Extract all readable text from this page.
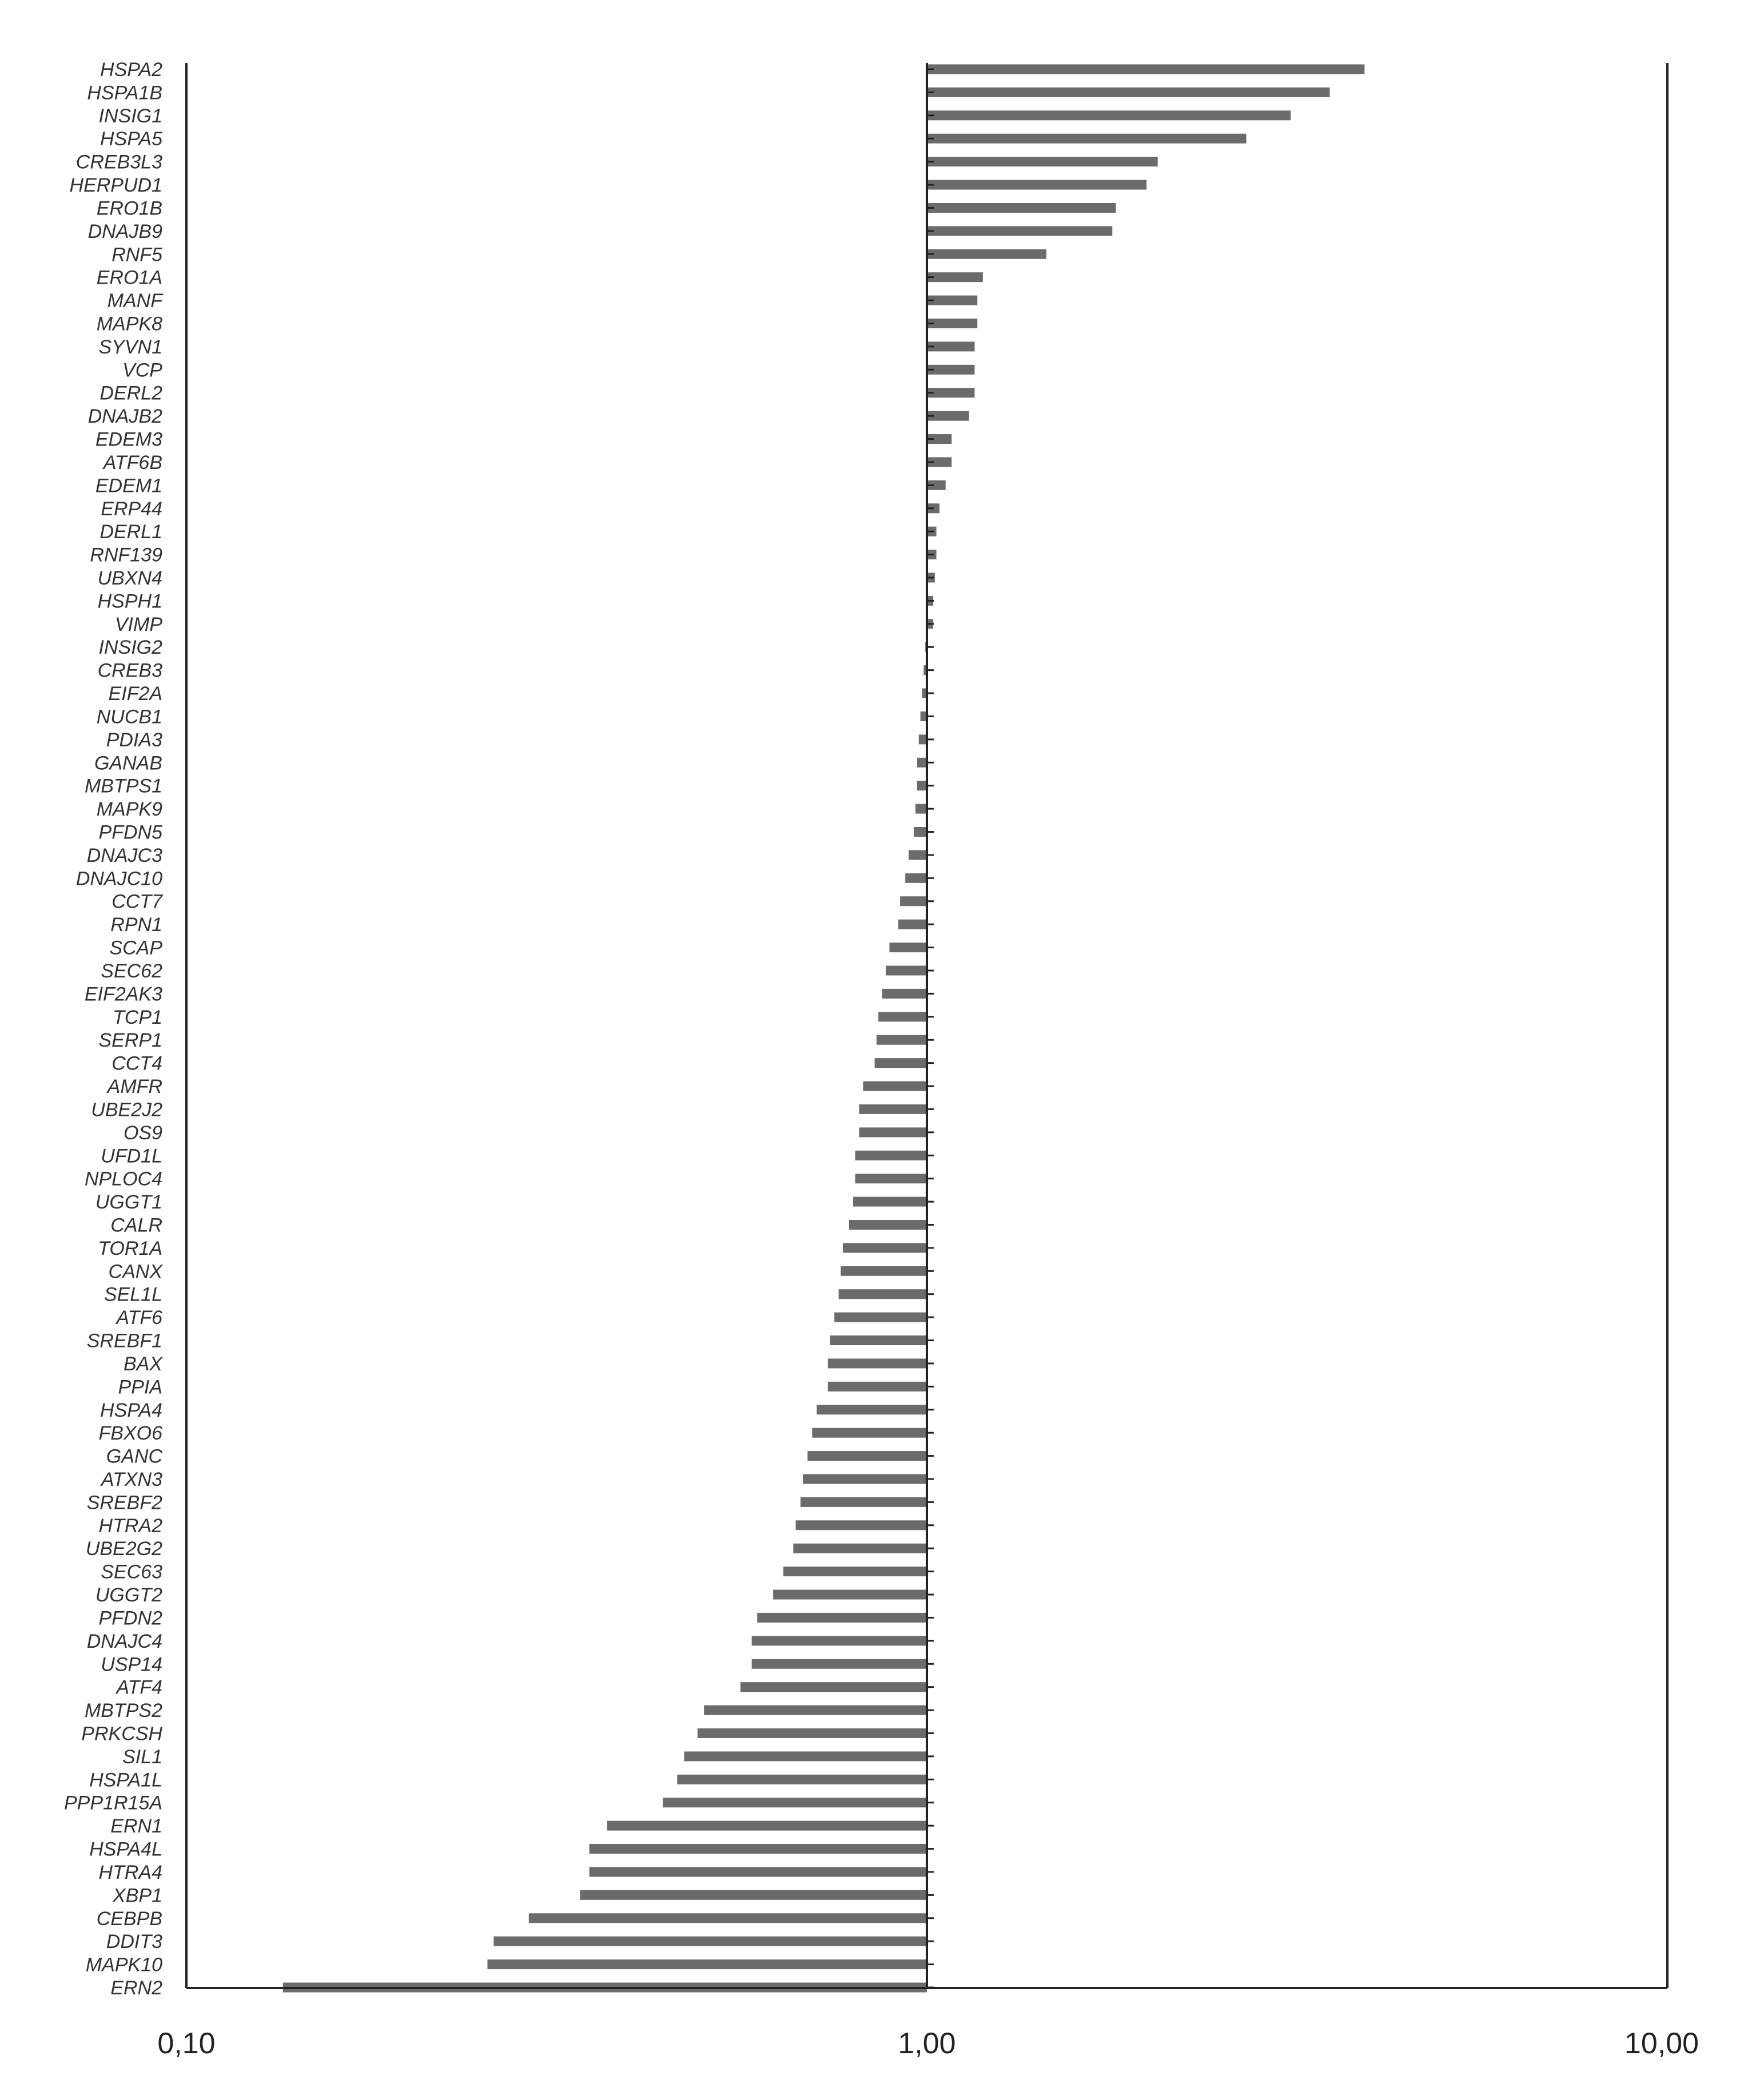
HSPA2
HSPA1B
INSIG1
HSPA5
CREB3L3
HERPUD1
ERO1B
DNAJB9
RNF5
ERO1A
MANF
MAPK8
SYVN1
VCP
DERL2
DNAJB2
EDEM3
ATF6B
EDEM1
ERP44
DERL1
RNF139
UBXN4
HSPH1
VIMP
INSIG2
CREB3
EIF2A
NUCB1
PDIA3
GANAB
MBTPS1
MAPK9
PFDN5
DNAJC3
DNAJC10
CCT7
RPN1
SCAP
SEC62
EIF2AK3
TCP1
SERP1
CCT4
AMFR
UBE2J2
OS9
UFD1L
NPLOC4
UGGT1
CALR
TOR1A
CANX
SEL1L
ATF6
SREBF1
BAX
PPIA
HSPA4
FBXO6
GANC
ATXN3
SREBF2
HTRA2
UBE2G2
SEC63
UGGT2
PFDN2
DNAJC4
USP14
ATF4
MBTPS2
PRKCSH
SIL1
HSPA1L
PPP1R15A
ERN1
HSPA4L
HTRA4
XBP1
CEBPB
DDIT3
MAPK10
ERN2
0,10	1,00	10,00
